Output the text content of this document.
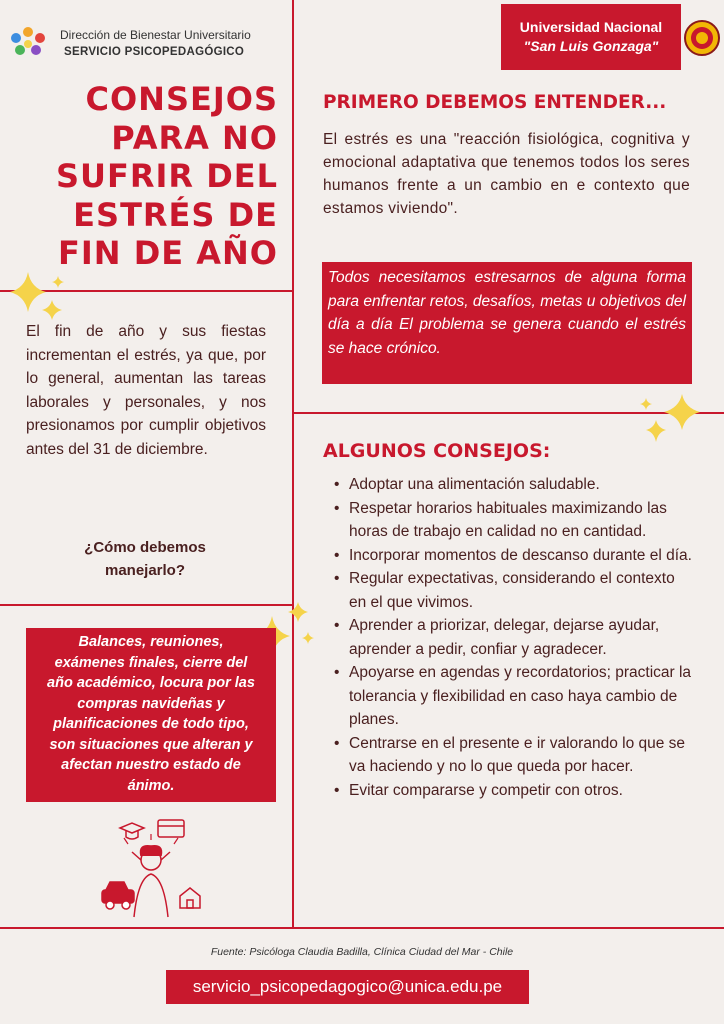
Dirección de Bienestar Universitario
SERVICIO PSICOPEDAGÓGICO
Universidad Nacional
"San Luis Gonzaga"
CONSEJOS
PARA NO
SUFRIR DEL
ESTRÉS DE
FIN DE AÑO
El fin de año y sus fiestas incrementan el estrés, ya que, por lo general, aumentan las tareas laborales y personales, y nos presionamos por cumplir objetivos antes del 31 de diciembre.
¿Cómo debemos
manejarlo?
Balances, reuniones,
exámenes finales, cierre del
año académico, locura por las
compras navideñas y
planificaciones de todo tipo,
son situaciones que alteran y
afectan nuestro estado de
ánimo.
PRIMERO DEBEMOS ENTENDER...
El estrés es una "reacción fisiológica, cognitiva y emocional adaptativa que tenemos todos los seres humanos frente a un cambio en e contexto que estamos viviendo".
Todos necesitamos estresarnos de alguna forma para enfrentar retos, desafíos, metas u objetivos del día a día El problema se genera cuando el estrés se hace crónico.
ALGUNOS CONSEJOS:
• Adoptar una alimentación saludable.
• Respetar horarios habituales maximizando las horas de trabajo en calidad no en cantidad.
• Incorporar momentos de descanso durante el día.
• Regular expectativas, considerando el contexto en el que vivimos.
• Aprender a priorizar, delegar, dejarse ayudar, aprender a pedir, confiar y agradecer.
• Apoyarse en agendas y recordatorios; practicar la tolerancia y flexibilidad en caso haya cambio de planes.
• Centrarse en el presente e ir valorando lo que se va haciendo y no lo que queda por hacer.
• Evitar compararse y competir con otros.
Fuente: Psicóloga Claudia Badilla, Clínica Ciudad del Mar - Chile
servicio_psicopedagogico@unica.edu.pe
